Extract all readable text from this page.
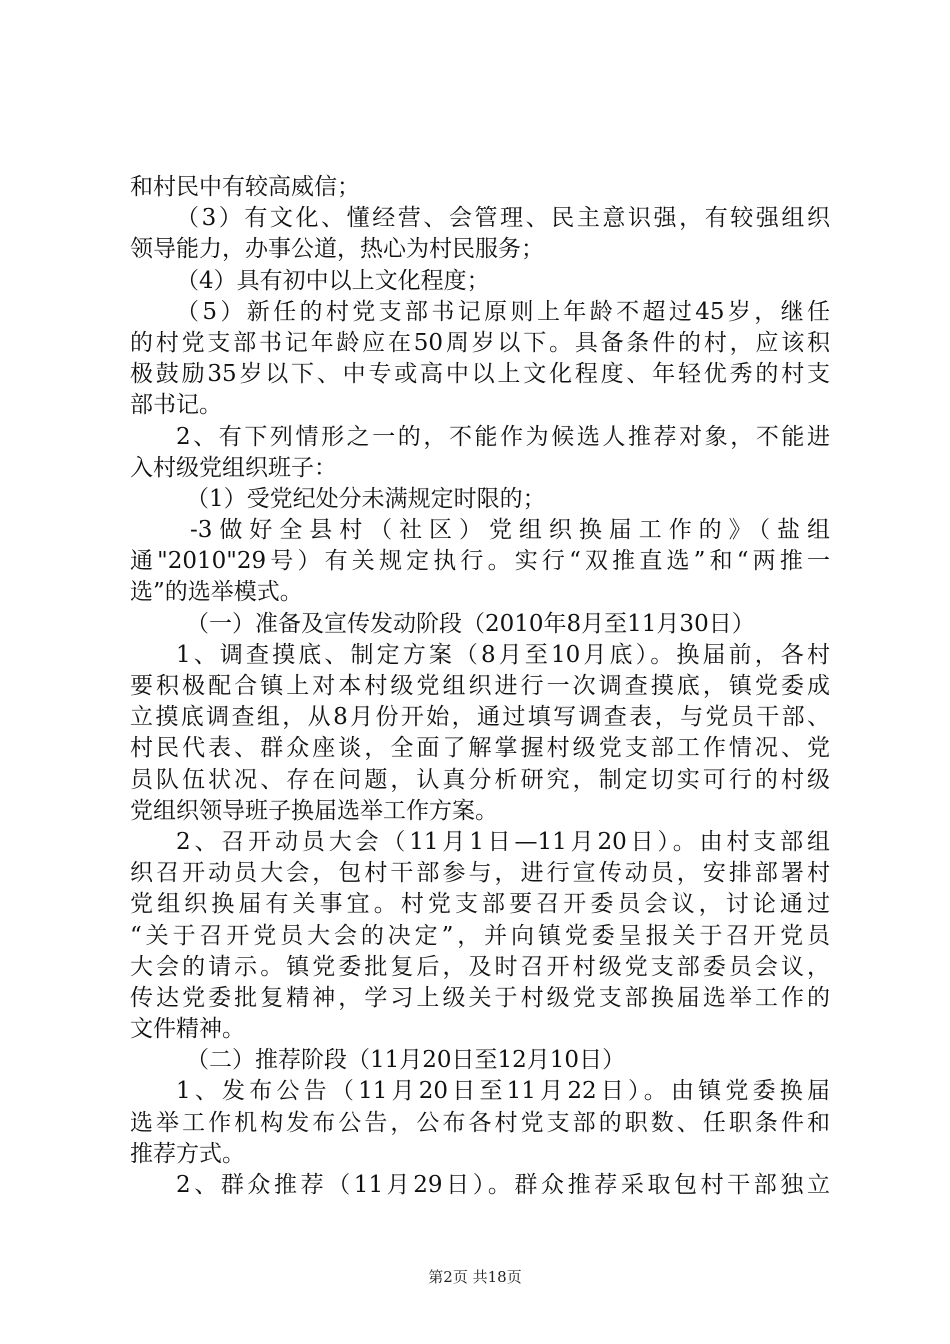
和村民中有较高威信；
（3）有文化、懂经营、会管理、民主意识强，有较强组织
领导能力，办事公道，热心为村民服务；
（4）具有初中以上文化程度；
（5）新任的村党支部书记原则上年龄不超过45岁，继任
的村党支部书记年龄应在50周岁以下。具备条件的村，应该积
极鼓励35岁以下、中专或高中以上文化程度、年轻优秀的村支
部书记。
2、有下列情形之一的，不能作为候选人推荐对象，不能进
入村级党组织班子：
（1）受党纪处分未满规定时限的；
-3做好全县村（社区）党组织换届工作的》（盐组
通"2010"29号）有关规定执行。实行“双推直选”和“两推一
选”的选举模式。
（一）准备及宣传发动阶段（2010年8月至11月30日）
1、调查摸底、制定方案（8月至10月底）。换届前，各村
要积极配合镇上对本村级党组织进行一次调查摸底，镇党委成
立摸底调查组，从8月份开始，通过填写调查表，与党员干部、
村民代表、群众座谈，全面了解掌握村级党支部工作情况、党
员队伍状况、存在问题，认真分析研究，制定切实可行的村级
党组织领导班子换届选举工作方案。
2、召开动员大会（11月1日—11月20日）。由村支部组
织召开动员大会，包村干部参与，进行宣传动员，安排部署村
党组织换届有关事宜。村党支部要召开委员会议，讨论通过
“关于召开党员大会的决定”，并向镇党委呈报关于召开党员
大会的请示。镇党委批复后，及时召开村级党支部委员会议，
传达党委批复精神，学习上级关于村级党支部换届选举工作的
文件精神。
（二）推荐阶段（11月20日至12月10日）
1、发布公告（11月20日至11月22日）。由镇党委换届
选举工作机构发布公告，公布各村党支部的职数、任职条件和
推荐方式。
2、群众推荐（11月29日）。群众推荐采取包村干部独立
第2页 共18页
